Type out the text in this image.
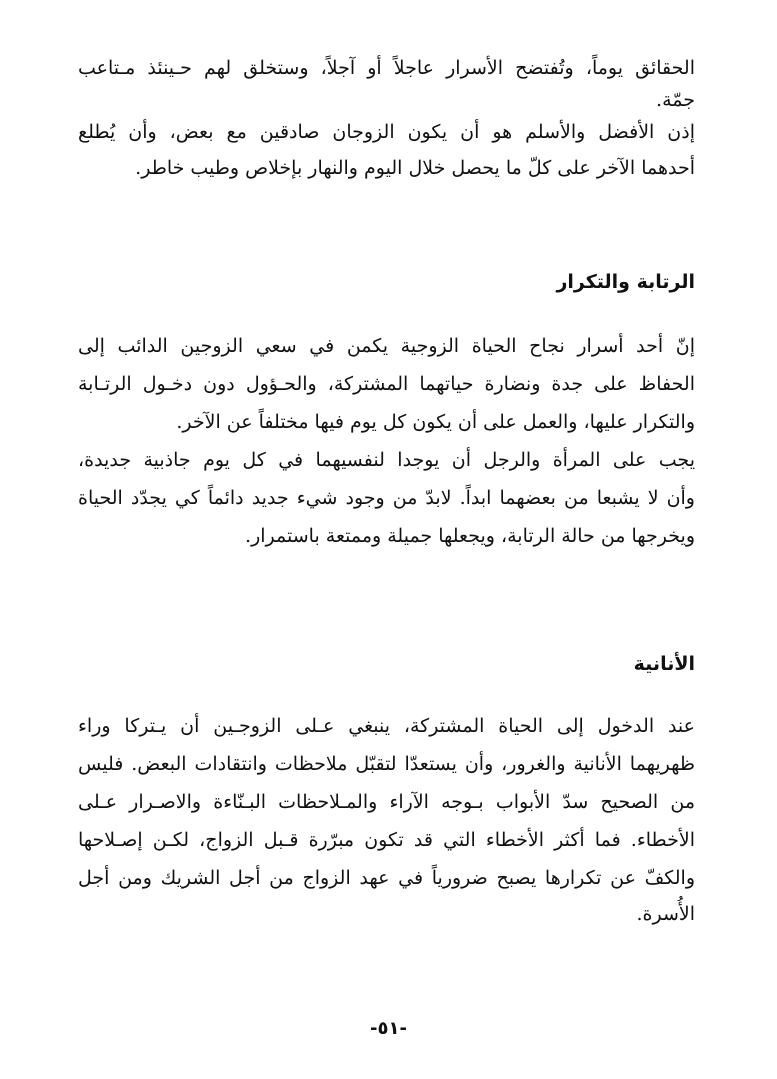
الحقائق يوماً، وتُفتضح الأسرار عاجلاً أو آجلاً، وستخلق لهم حـينئذ مـتاعب
جمّة.
إذن الأفضل والأسلم هو أن يكون الزوجان صادقين مع بعض، وأن يُطلع
أحدهما الآخر على كلّ ما يحصل خلال اليوم والنهار بإخلاص وطيب خاطر.
الرتابة والتكرار
إنّ أحد أسرار نجاح الحياة الزوجية يكمن في سعي الزوجين الدائب إلى
الحفاظ على جدة ونضارة حياتهما المشتركة، والحـؤول دون دخـول الرتـابة
والتكرار عليها، والعمل على أن يكون كل يوم فيها مختلفاً عن الآخر.
يجب على المرأة والرجل أن يوجدا لنفسيهما في كل يوم جاذبية جديدة،
وأن لا يشبعا من بعضهما ابداً. لابدّ من وجود شيء جديد دائماً كي يجدّد الحياة
ويخرجها من حالة الرتابة، ويجعلها جميلة وممتعة باستمرار.
الأنانية
عند الدخول إلى الحياة المشتركة، ينبغي عـلى الزوجـين أن يـتركا وراء
ظهريهما الأنانية والغرور، وأن يستعدّا لتقبّل ملاحظات وانتقادات البعض. فليس
من الصحيح سدّ الأبواب بـوجه الآراء والمـلاحظات البـنّاءة والاصـرار عـلى
الأخطاء. فما أكثر الأخطاء التي قد تكون مبرّرة قـبل الزواج، لكـن إصـلاحها
والكفّ عن تكرارها يصبح ضرورياً في عهد الزواج من أجل الشريك ومن أجل
الأُسرة.
-٥١-
